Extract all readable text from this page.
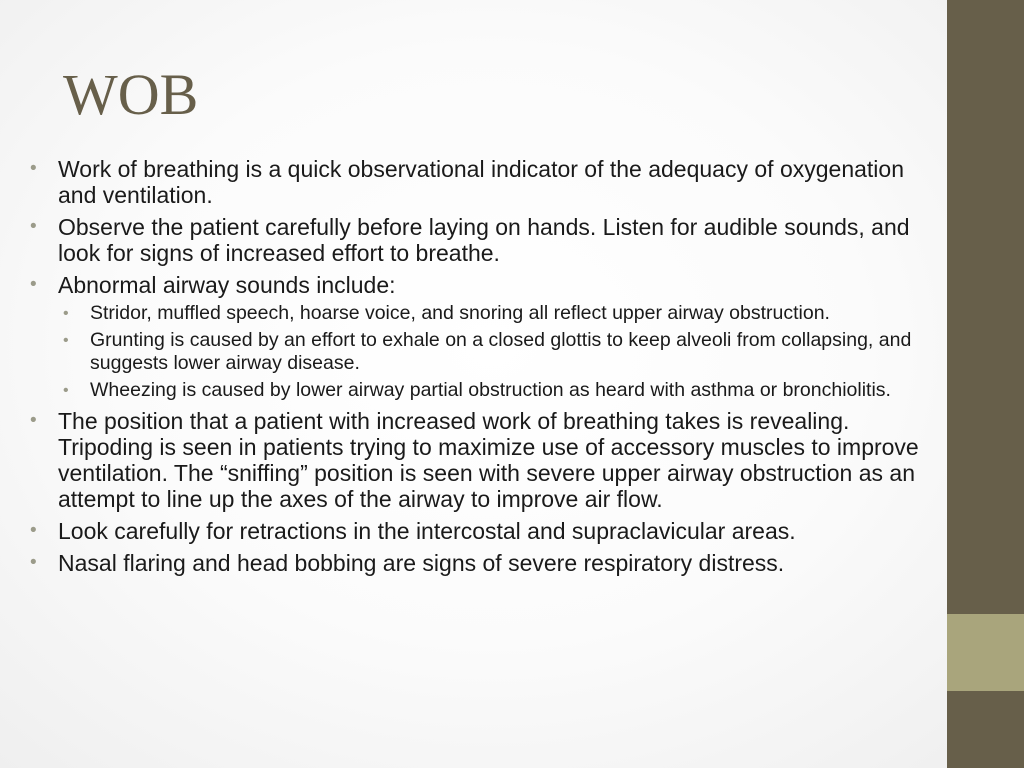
WOB
• Work of breathing is a quick observational indicator of the adequacy of oxygenation and ventilation.
• Observe the patient carefully before laying on hands. Listen for audible sounds, and look for signs of increased effort to breathe.
• Abnormal airway sounds include:
• Stridor, muffled speech, hoarse voice, and snoring all reflect upper airway obstruction.
• Grunting is caused by an effort to exhale on a closed glottis to keep alveoli from collapsing, and suggests lower airway disease.
• Wheezing is caused by lower airway partial obstruction as heard with asthma or bronchiolitis.
• The position that a patient with increased work of breathing takes is revealing. Tripoding is seen in patients trying to maximize use of accessory muscles to improve ventilation. The “sniffing” position is seen with severe upper airway obstruction as an attempt to line up the axes of the airway to improve air flow.
• Look carefully for retractions in the intercostal and supraclavicular areas.
• Nasal flaring and head bobbing are signs of severe respiratory distress.
